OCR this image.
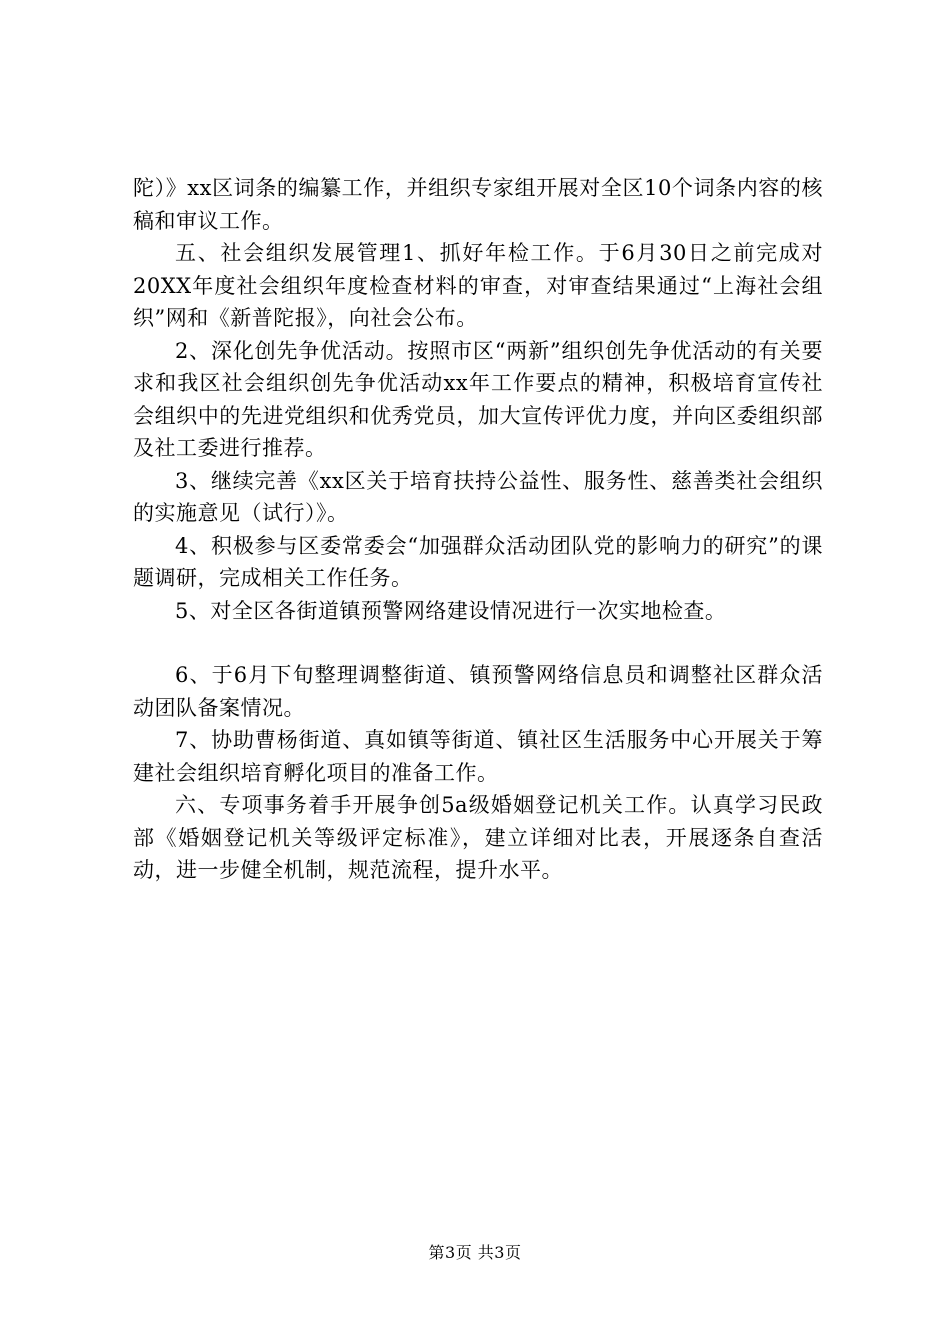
陀）》xx区词条的编纂工作，并组织专家组开展对全区10个词条内容的核稿和审议工作。

五、社会组织发展管理1、抓好年检工作。于6月30日之前完成对20XX年度社会组织年度检查材料的审查，对审查结果通过“上海社会组织”网和《新普陀报》，向社会公布。

2、深化创先争优活动。按照市区“两新”组织创先争优活动的有关要求和我区社会组织创先争优活动xx年工作要点的精神，积极培育宣传社会组织中的先进党组织和优秀党员，加大宣传评优力度，并向区委组织部及社工委进行推荐。

3、继续完善《xx区关于培育扶持公益性、服务性、慈善类社会组织的实施意见（试行）》。

4、积极参与区委常委会“加强群众活动团队党的影响力的研究”的课题调研，完成相关工作任务。

5、对全区各街道镇预警网络建设情况进行一次实地检查。

6、于6月下旬整理调整街道、镇预警网络信息员和调整社区群众活动团队备案情况。

7、协助曹杨街道、真如镇等街道、镇社区生活服务中心开展关于筹建社会组织培育孵化项目的准备工作。

六、专项事务着手开展争创5a级婚姻登记机关工作。认真学习民政部《婚姻登记机关等级评定标准》，建立详细对比表，开展逐条自查活动，进一步健全机制，规范流程，提升水平。

第3页 共3页
